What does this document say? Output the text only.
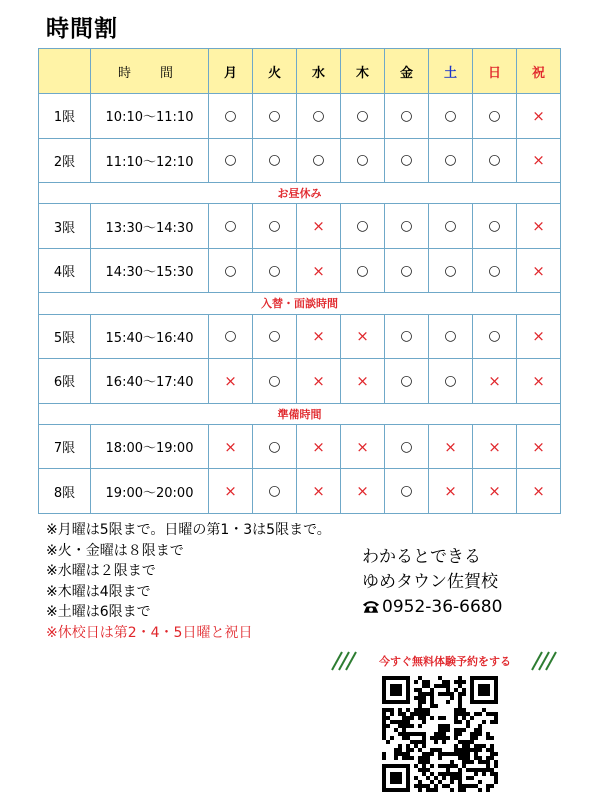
時間割
	時　間	月	火	水	木	金	土	日	祝
1限	10:10〜11:10	○	○	○	○	○	○	○	×
2限	11:10〜12:10	○	○	○	○	○	○	○	×
お昼休み									
3限	13:30〜14:30	○	○	×	○	○	○	○	×
4限	14:30〜15:30	○	○	×	○	○	○	○	×
入替・面談時間									
5限	15:40〜16:40	○	○	×	×	○	○	○	×
6限	16:40〜17:40	×	○	×	×	○	○	×	×
準備時間									
7限	18:00〜19:00	×	○	×	×	○	×	×	×
8限	19:00〜20:00	×	○	×	×	○	×	×	×
※月曜は5限まで。日曜の第1・3は5限まで。
※火・金曜は８限まで
※水曜は２限まで
※木曜は4限まで
※土曜は6限まで
※休校日は第2・4・5日曜と祝日
わかるとできる
ゆめタウン佐賀校
0952-36-6680
今すぐ無料体験予約をする
